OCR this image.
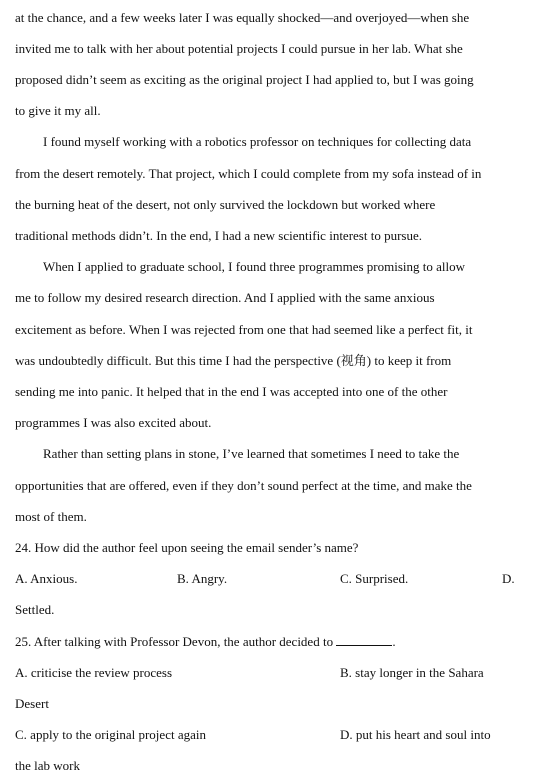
at the chance, and a few weeks later I was equally shocked—and overjoyed—when she
invited me to talk with her about potential projects I could pursue in her lab. What she
proposed didn’t seem as exciting as the original project I had applied to, but I was going
to give it my all.
I found myself working with a robotics professor on techniques for collecting data
from the desert remotely. That project, which I could complete from my sofa instead of in
the burning heat of the desert, not only survived the lockdown but worked where
traditional methods didn’t. In the end, I had a new scientific interest to pursue.
When I applied to graduate school, I found three programmes promising to allow
me to follow my desired research direction. And I applied with the same anxious
excitement as before. When I was rejected from one that had seemed like a perfect fit, it
was undoubtedly difficult. But this time I had the perspective (视角) to keep it from
sending me into panic. It helped that in the end I was accepted into one of the other
programmes I was also excited about.
Rather than setting plans in stone, I’ve learned that sometimes I need to take the
opportunities that are offered, even if they don’t sound perfect at the time, and make the
most of them.
24. How did the author feel upon seeing the email sender’s name?
A. Anxious.	B. Angry.	C. Surprised.	D.
Settled.
25. After talking with Professor Devon, the author decided to	.
A. criticise the review process	B. stay longer in the Sahara
Desert
C. apply to the original project again	D. put his heart and soul into
the lab work
